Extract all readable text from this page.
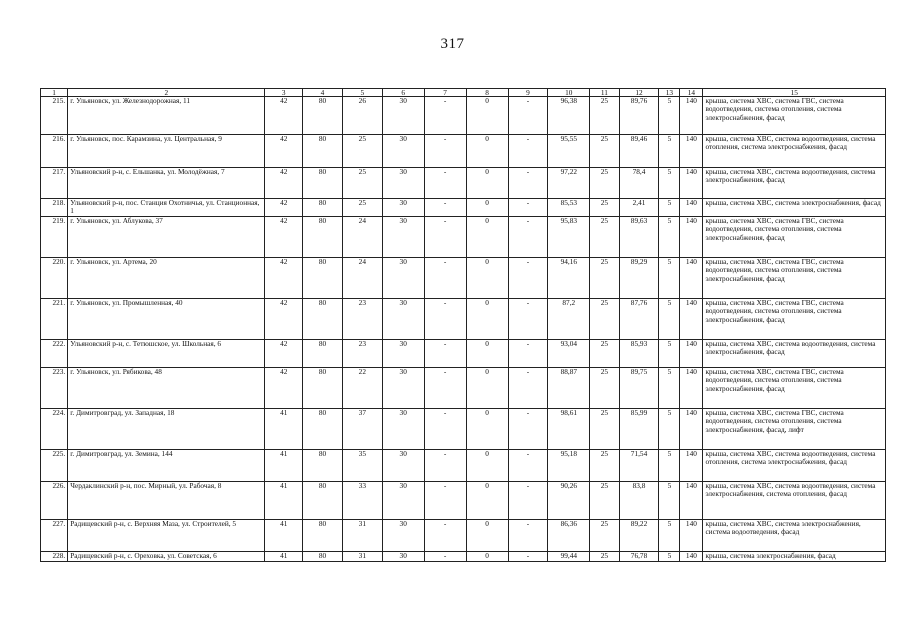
317
1	2	3	4	5	6	7	8	9	10	11	12	13	14	15
215.	г. Ульяновск, ул. Железнодорожная, 11	42	80	26	30	-	0	-	96,38	25	89,76	5	140	крыша, система ХВС, система ГВС, система водоотведения, система отопления, система электроснабжения, фасад
216.	г. Ульяновск, пос. Карамзина, ул. Центральная, 9	42	80	25	30	-	0	-	95,55	25	89,46	5	140	крыша, система ХВС, система водоотведения, система отопления, система электроснабжения, фасад
217.	Ульяновский р-н, с. Ельшанка, ул. Молодёжная, 7	42	80	25	30	-	0	-	97,22	25	78,4	5	140	крыша, система ХВС, система водоотведения, система электроснабжения, фасад
218.	Ульяновский р-н, пос. Станция Охотничья, ул. Станционная, 1	42	80	25	30	-	0	-	85,53	25	2,41	5	140	крыша, система ХВС, система электроснабжения, фасад
219.	г. Ульяновск, ул. Аблукова, 37	42	80	24	30	-	0	-	95,83	25	89,63	5	140	крыша, система ХВС, система ГВС, система водоотведения, система отопления, система электроснабжения, фасад
220.	г. Ульяновск, ул. Артема, 20	42	80	24	30	-	0	-	94,16	25	89,29	5	140	крыша, система ХВС, система ГВС, система водоотведения, система отопления, система электроснабжения, фасад
221.	г. Ульяновск, ул. Промышленная, 40	42	80	23	30	-	0	-	87,2	25	87,76	5	140	крыша, система ХВС, система ГВС, система водоотведения, система отопления, система электроснабжения, фасад
222.	Ульяновский р-н, с. Тетюшское, ул. Школьная, 6	42	80	23	30	-	0	-	93,04	25	85,93	5	140	крыша, система ХВС, система водоотведения, система электроснабжения, фасад
223.	г. Ульяновск, ул. Рябикова, 48	42	80	22	30	-	0	-	88,87	25	89,75	5	140	крыша, система ХВС, система ГВС, система водоотведения, система отопления, система электроснабжения, фасад
224.	г. Димитровград, ул. Западная, 18	41	80	37	30	-	0	-	98,61	25	85,99	5	140	крыша, система ХВС, система ГВС, система водоотведения, система отопления, система электроснабжения, фасад, лифт
225.	г. Димитровград, ул. Земина, 144	41	80	35	30	-	0	-	95,18	25	71,54	5	140	крыша, система ХВС, система водоотведения, система отопления, система электроснабжения, фасад
226.	Чердаклинский р-н, пос. Мирный, ул. Рабочая, 8	41	80	33	30	-	0	-	90,26	25	83,8	5	140	крыша, система ХВС, система водоотведения, система электроснабжения, система отопления, фасад
227.	Радищевский р-н, с. Верхняя Маза, ул. Строителей, 5	41	80	31	30	-	0	-	86,36	25	89,22	5	140	крыша, система ХВС, система электроснабжения, система водоотведения, фасад
228.	Радищевский р-н, с. Ореховка, ул. Советская, 6	41	80	31	30	-	0	-	99,44	25	76,78	5	140	крыша, система электроснабжения, фасад
